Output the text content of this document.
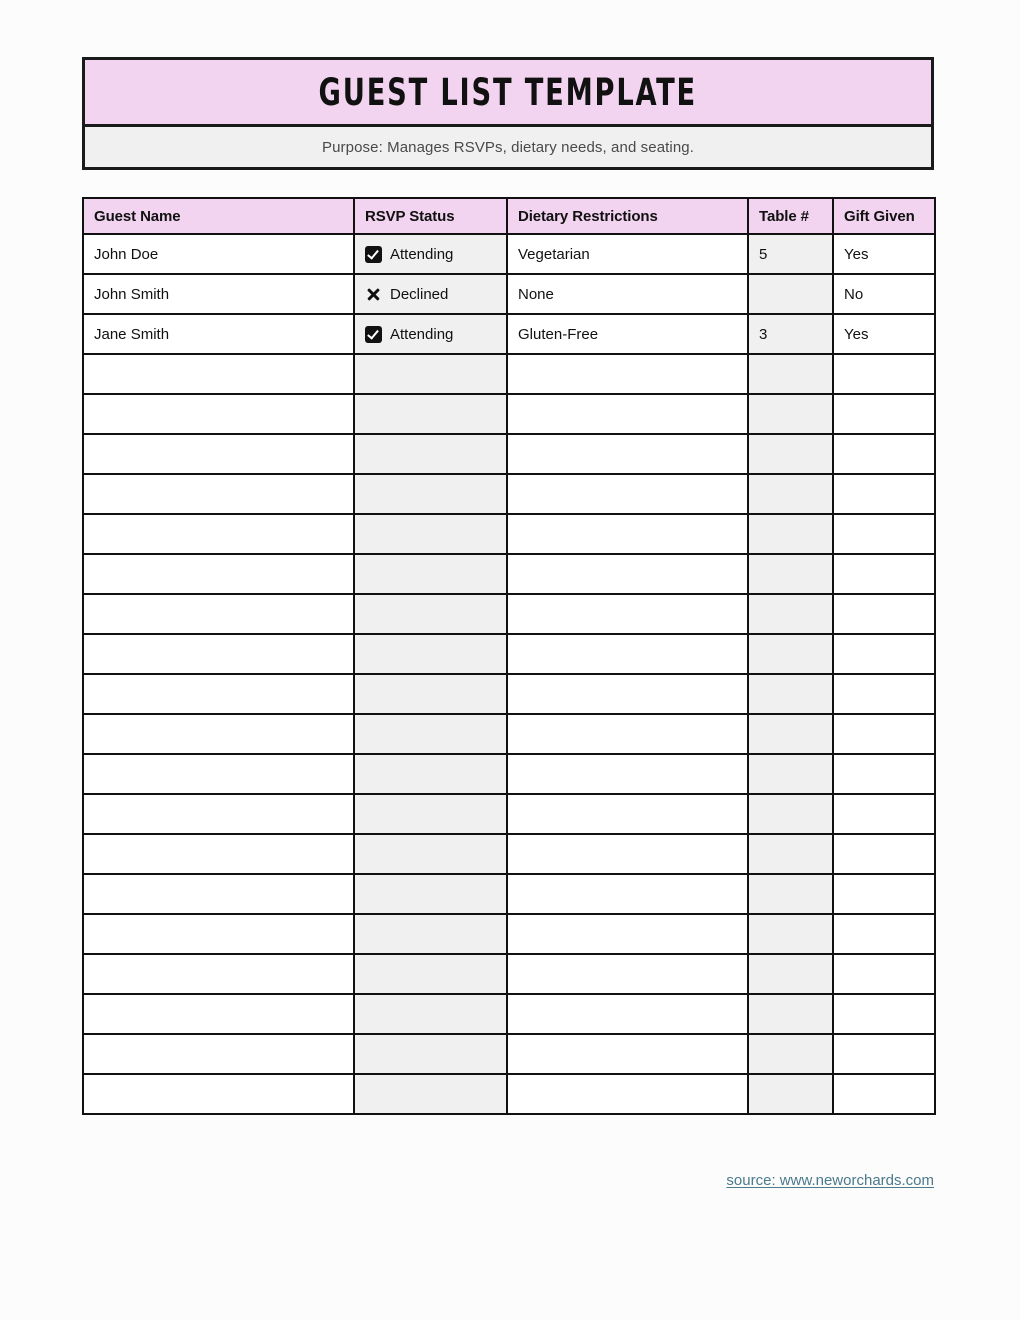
GUEST LIST TEMPLATE
Purpose: Manages RSVPs, dietary needs, and seating.
Guest Name	RSVP Status	Dietary Restrictions	Table #	Gift Given
John Doe	Attending	Vegetarian	5	Yes
John Smith	Declined	None		No
Jane Smith	Attending	Gluten-Free	3	Yes

source: www.neworchards.com
